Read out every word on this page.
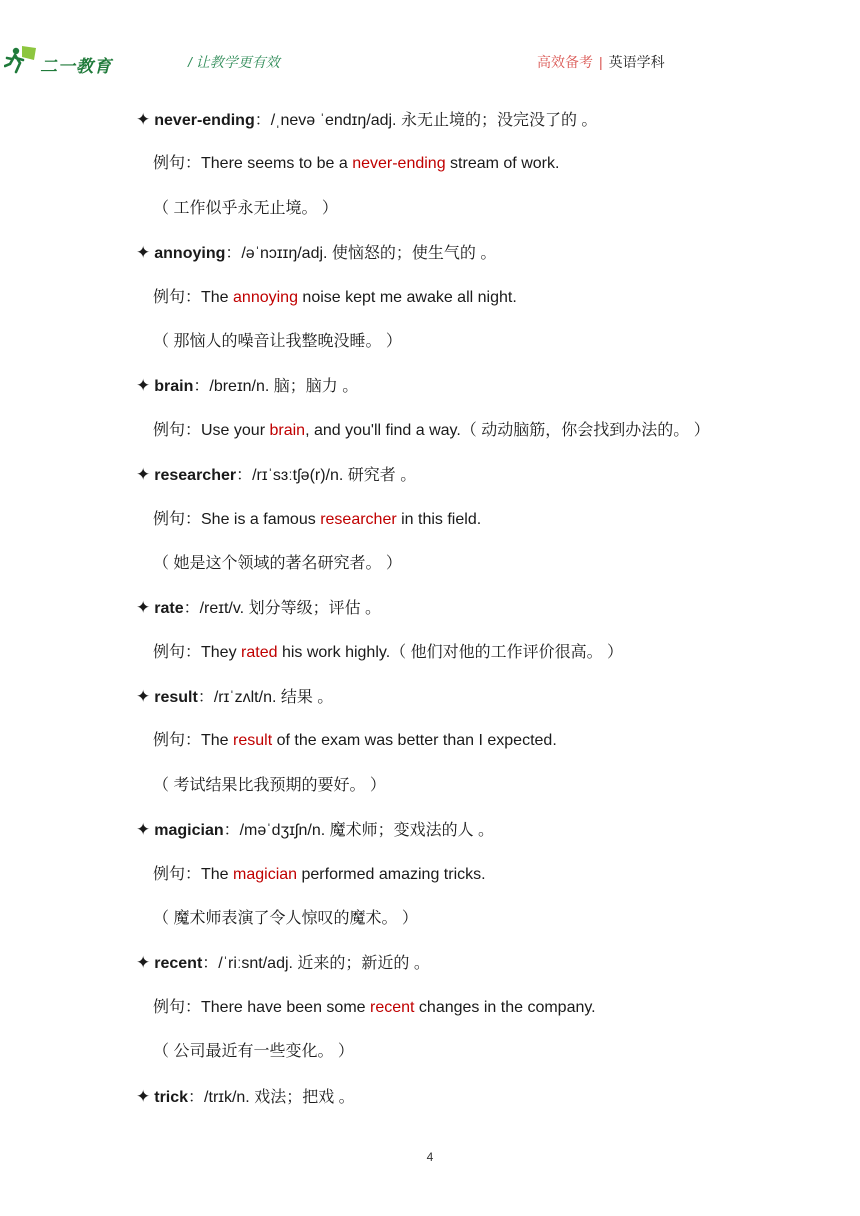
二一教育	/ 让教学更有效	高效备考 | 英语学科
✦ never-ending：/ˌnevə ˈendɪŋ/adj. 永无止境的；没完没了的 。
例句：There seems to be a never-ending stream of work.
（ 工作似乎永无止境。 ）
✦ annoying：/əˈnɔɪɪŋ/adj. 使恼怒的；使生气的 。
例句：The annoying noise kept me awake all night.
（ 那恼人的噪音让我整晚没睡。 ）
✦ brain：/breɪn/n. 脑；脑力 。
例句：Use your brain, and you'll find a way.（ 动动脑筋，你会找到办法的。 ）
✦ researcher：/rɪˈsɜːtʃə(r)/n. 研究者 。
例句：She is a famous researcher in this field.
（ 她是这个领域的著名研究者。 ）
✦ rate：/reɪt/v. 划分等级；评估 。
例句：They rated his work highly.（ 他们对他的工作评价很高。 ）
✦ result：/rɪˈzʌlt/n. 结果 。
例句：The result of the exam was better than I expected.
（ 考试结果比我预期的要好。 ）
✦ magician：/məˈdʒɪʃn/n. 魔术师；变戏法的人 。
例句：The magician performed amazing tricks.
（ 魔术师表演了令人惊叹的魔术。 ）
✦ recent：/ˈriːsnt/adj. 近来的；新近的 。
例句：There have been some recent changes in the company.
（ 公司最近有一些变化。 ）
✦ trick：/trɪk/n. 戏法；把戏 。
4
